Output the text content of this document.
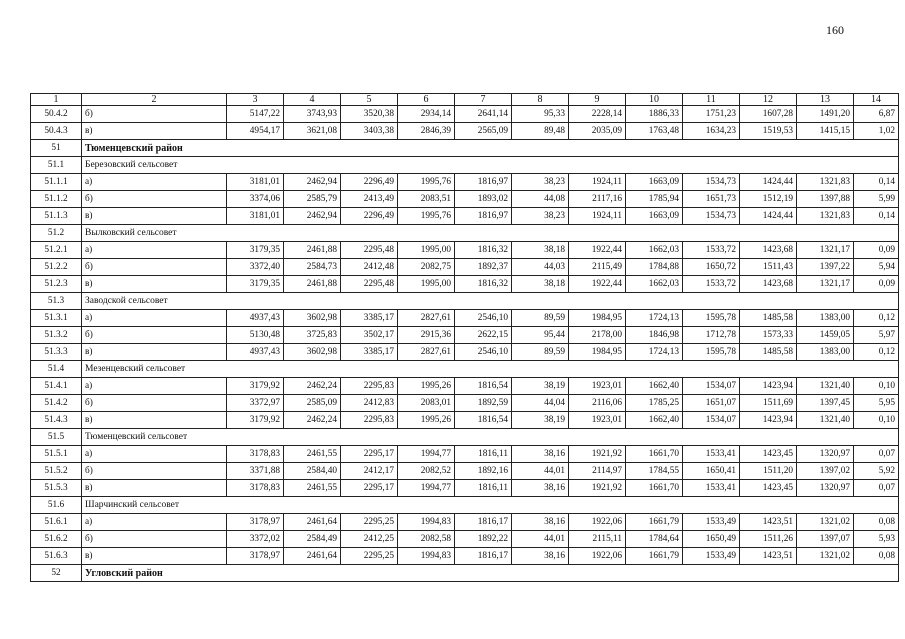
160
1	2	3	4	5	6	7	8	9	10	11	12	13	14
50.4.2	б)	5147,22	3743,93	3520,38	2934,14	2641,14	95,33	2228,14	1886,33	1751,23	1607,28	1491,20	6,87
50.4.3	в)	4954,17	3621,08	3403,38	2846,39	2565,09	89,48	2035,09	1763,48	1634,23	1519,53	1415,15	1,02
51	Тюменцевский район												
51.1	Березовский сельсовет												
51.1.1	а)	3181,01	2462,94	2296,49	1995,76	1816,97	38,23	1924,11	1663,09	1534,73	1424,44	1321,83	0,14
51.1.2	б)	3374,06	2585,79	2413,49	2083,51	1893,02	44,08	2117,16	1785,94	1651,73	1512,19	1397,88	5,99
51.1.3	в)	3181,01	2462,94	2296,49	1995,76	1816,97	38,23	1924,11	1663,09	1534,73	1424,44	1321,83	0,14
51.2	Вылковский сельсовет												
51.2.1	а)	3179,35	2461,88	2295,48	1995,00	1816,32	38,18	1922,44	1662,03	1533,72	1423,68	1321,17	0,09
51.2.2	б)	3372,40	2584,73	2412,48	2082,75	1892,37	44,03	2115,49	1784,88	1650,72	1511,43	1397,22	5,94
51.2.3	в)	3179,35	2461,88	2295,48	1995,00	1816,32	38,18	1922,44	1662,03	1533,72	1423,68	1321,17	0,09
51.3	Заводской сельсовет												
51.3.1	а)	4937,43	3602,98	3385,17	2827,61	2546,10	89,59	1984,95	1724,13	1595,78	1485,58	1383,00	0,12
51.3.2	б)	5130,48	3725,83	3502,17	2915,36	2622,15	95,44	2178,00	1846,98	1712,78	1573,33	1459,05	5,97
51.3.3	в)	4937,43	3602,98	3385,17	2827,61	2546,10	89,59	1984,95	1724,13	1595,78	1485,58	1383,00	0,12
51.4	Мезенцевский сельсовет												
51.4.1	а)	3179,92	2462,24	2295,83	1995,26	1816,54	38,19	1923,01	1662,40	1534,07	1423,94	1321,40	0,10
51.4.2	б)	3372,97	2585,09	2412,83	2083,01	1892,59	44,04	2116,06	1785,25	1651,07	1511,69	1397,45	5,95
51.4.3	в)	3179,92	2462,24	2295,83	1995,26	1816,54	38,19	1923,01	1662,40	1534,07	1423,94	1321,40	0,10
51.5	Тюменцевский сельсовет												
51.5.1	а)	3178,83	2461,55	2295,17	1994,77	1816,11	38,16	1921,92	1661,70	1533,41	1423,45	1320,97	0,07
51.5.2	б)	3371,88	2584,40	2412,17	2082,52	1892,16	44,01	2114,97	1784,55	1650,41	1511,20	1397,02	5,92
51.5.3	в)	3178,83	2461,55	2295,17	1994,77	1816,11	38,16	1921,92	1661,70	1533,41	1423,45	1320,97	0,07
51.6	Шарчинский сельсовет												
51.6.1	а)	3178,97	2461,64	2295,25	1994,83	1816,17	38,16	1922,06	1661,79	1533,49	1423,51	1321,02	0,08
51.6.2	б)	3372,02	2584,49	2412,25	2082,58	1892,22	44,01	2115,11	1784,64	1650,49	1511,26	1397,07	5,93
51.6.3	в)	3178,97	2461,64	2295,25	1994,83	1816,17	38,16	1922,06	1661,79	1533,49	1423,51	1321,02	0,08
52	Угловский район												
